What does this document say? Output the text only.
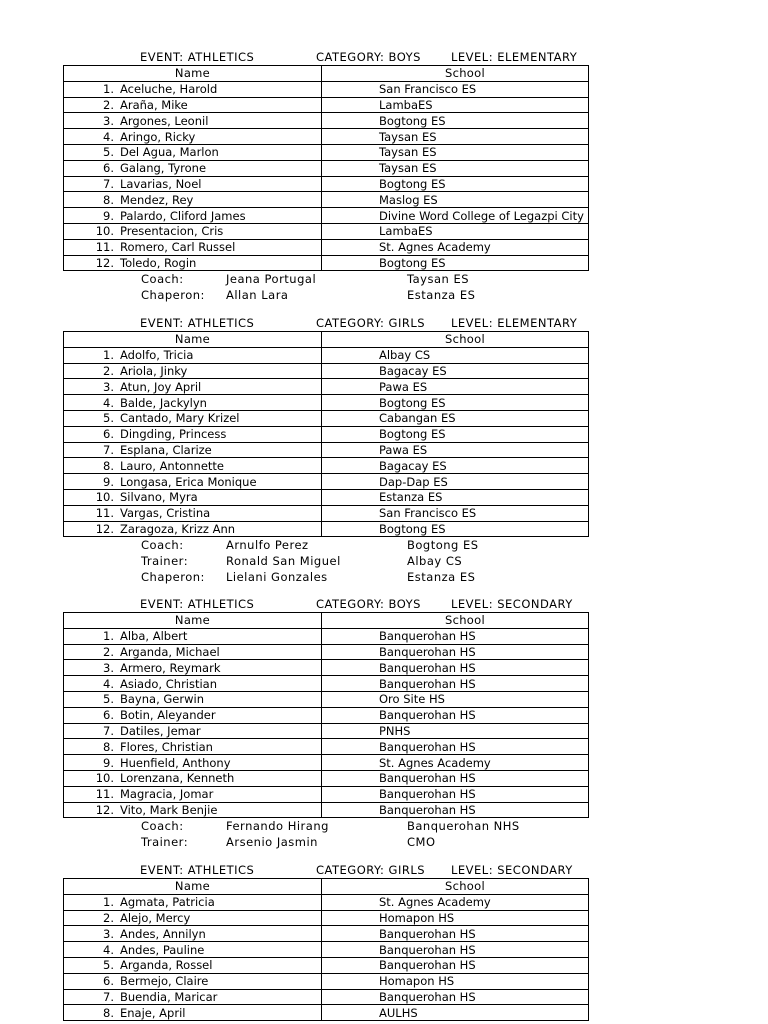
EVENT: ATHLETICS	CATEGORY: BOYS	LEVEL: ELEMENTARY
Name	School
1. Aceluche, Harold	San Francisco ES
2. Araña, Mike	LambaES
3. Argones, Leonil	Bogtong ES
4. Aringo, Ricky	Taysan ES
5. Del Agua, Marlon	Taysan ES
6. Galang, Tyrone	Taysan ES
7. Lavarias, Noel	Bogtong ES
8. Mendez, Rey	Maslog ES
9. Palardo, Cliford James	Divine Word College of Legazpi City
10. Presentacion, Cris	LambaES
11. Romero, Carl Russel	St. Agnes Academy
12. Toledo, Rogin	Bogtong ES
Coach:	Jeana Portugal	Taysan ES
Chaperon: Allan Lara	Estanza ES
EVENT: ATHLETICS	CATEGORY: GIRLS LEVEL: ELEMENTARY
Name	School
1. Adolfo, Tricia	Albay CS
2. Ariola, Jinky	Bagacay ES
3. Atun, Joy April	Pawa ES
4. Balde, Jackylyn	Bogtong ES
5. Cantado, Mary Krizel	Cabangan ES
6. Dingding, Princess	Bogtong ES
7. Esplana, Clarize	Pawa ES
8. Lauro, Antonnette	Bagacay ES
9. Longasa, Erica Monique	Dap-Dap ES
10. Silvano, Myra	Estanza ES
11. Vargas, Cristina	San Francisco ES
12. Zaragoza, Krizz Ann	Bogtong ES
Coach:	Arnulfo Perez	Bogtong ES
Trainer:	Ronald San Miguel	Albay CS
Chaperon: Lielani Gonzales	Estanza ES
EVENT: ATHLETICS	CATEGORY: BOYS	LEVEL: SECONDARY
Name	School
1. Alba, Albert	Banquerohan HS
2. Arganda, Michael	Banquerohan HS
3. Armero, Reymark	Banquerohan HS
4. Asiado, Christian	Banquerohan HS
5. Bayna, Gerwin	Oro Site HS
6. Botin, Aleyander	Banquerohan HS
7. Datiles, Jemar	PNHS
8. Flores, Christian	Banquerohan HS
9. Huenfield, Anthony	St. Agnes Academy
10. Lorenzana, Kenneth	Banquerohan HS
11. Magracia, Jomar	Banquerohan HS
12. Vito, Mark Benjie	Banquerohan HS
Coach:	Fernando Hirang	Banquerohan NHS
Trainer:	Arsenio Jasmin	CMO
EVENT: ATHLETICS	CATEGORY: GIRLS LEVEL: SECONDARY
Name	School
1. Agmata, Patricia	St. Agnes Academy
2. Alejo, Mercy	Homapon HS
3. Andes, Annilyn	Banquerohan HS
4. Andes, Pauline	Banquerohan HS
5. Arganda, Rossel	Banquerohan HS
6. Bermejo, Claire	Homapon HS
7. Buendia, Maricar	Banquerohan HS
8. Enaje, April	AULHS
